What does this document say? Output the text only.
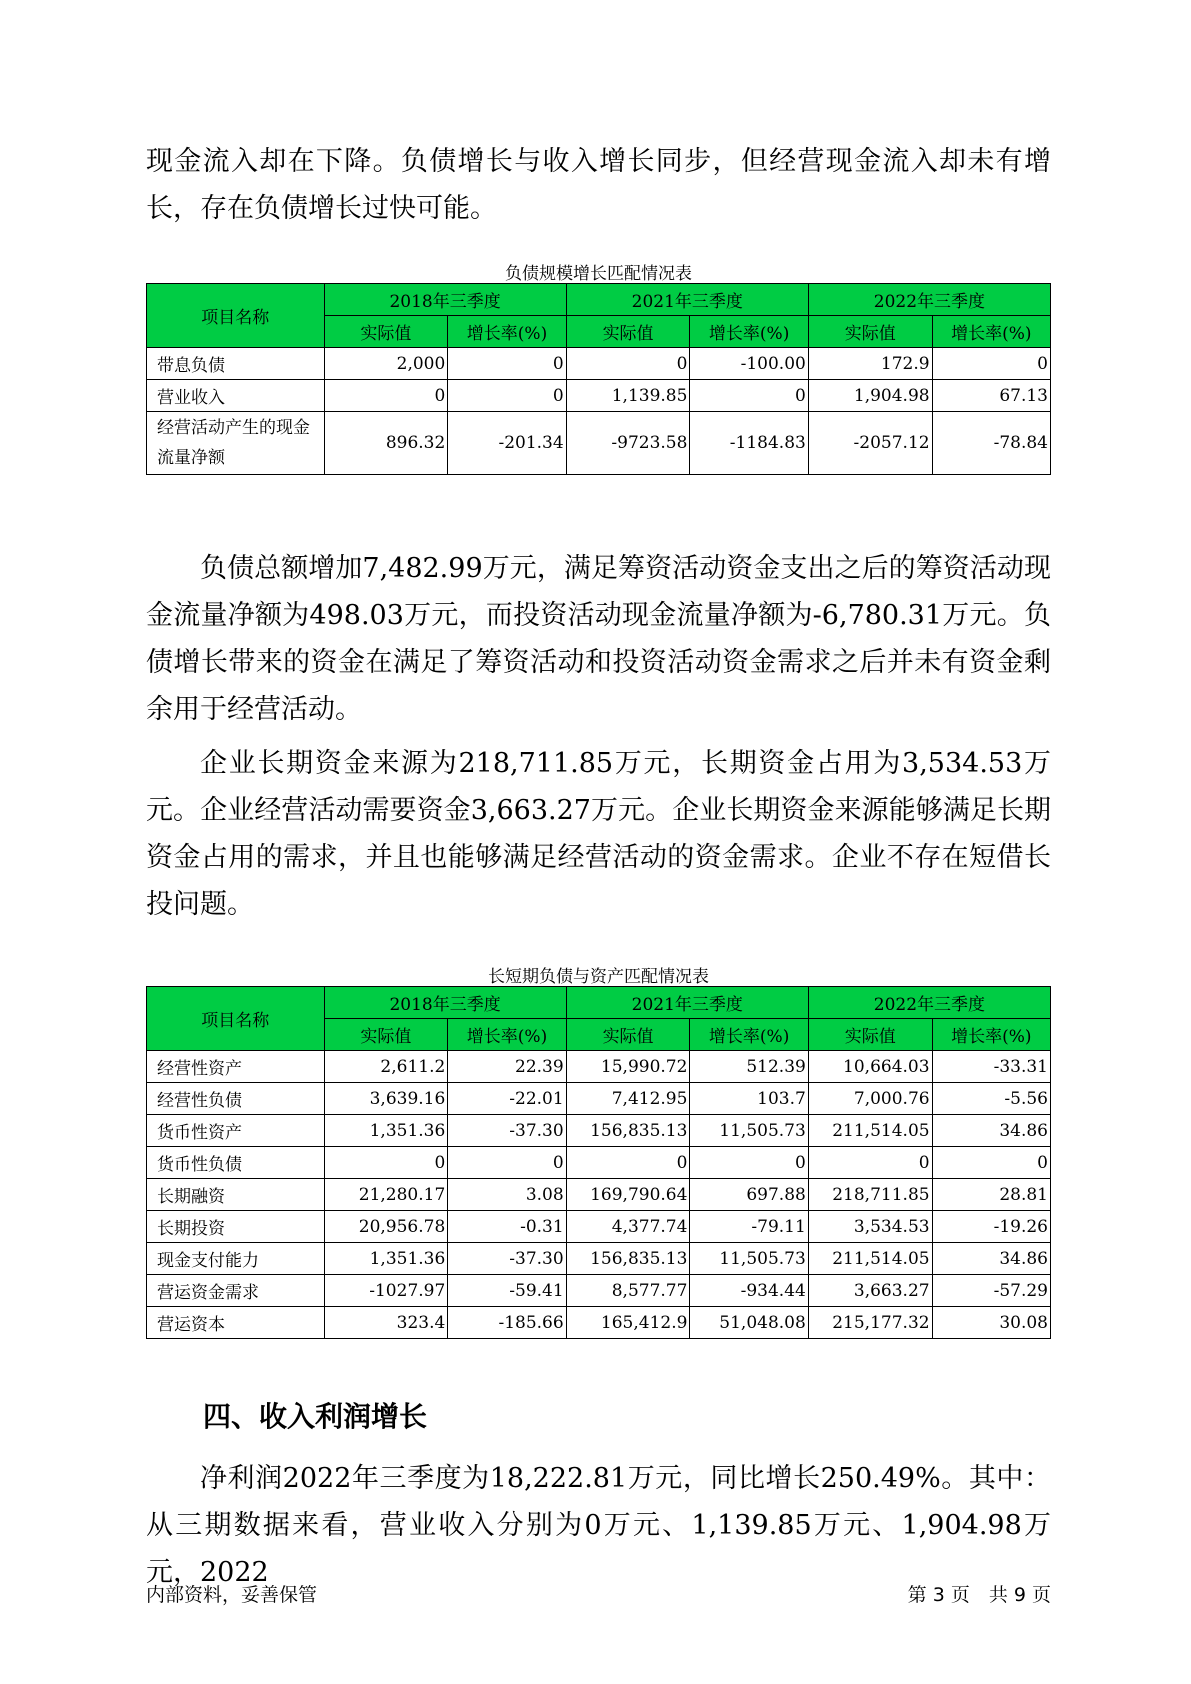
现金流入却在下降。负债增长与收入增长同步，但经营现金流入却未有增长，存在负债增长过快可能。

负债规模增长匹配情况表
项目名称	2018年三季度		2021年三季度		2022年三季度	
	实际值	增长率(%)	实际值	增长率(%)	实际值	增长率(%)
带息负债	2,000	0	0	-100.00	172.9	0
营业收入	0	0	1,139.85	0	1,904.98	67.13
经营活动产生的现金流量净额	896.32	-201.34	-9723.58	-1184.83	-2057.12	-78.84

负债总额增加7,482.99万元，满足筹资活动资金支出之后的筹资活动现金流量净额为498.03万元，而投资活动现金流量净额为-6,780.31万元。负债增长带来的资金在满足了筹资活动和投资活动资金需求之后并未有资金剩余用于经营活动。

企业长期资金来源为218,711.85万元，长期资金占用为3,534.53万元。企业经营活动需要资金3,663.27万元。企业长期资金来源能够满足长期资金占用的需求，并且也能够满足经营活动的资金需求。企业不存在短借长投问题。

长短期负债与资产匹配情况表
项目名称	2018年三季度		2021年三季度		2022年三季度	
	实际值	增长率(%)	实际值	增长率(%)	实际值	增长率(%)
经营性资产	2,611.2	22.39	15,990.72	512.39	10,664.03	-33.31
经营性负债	3,639.16	-22.01	7,412.95	103.7	7,000.76	-5.56
货币性资产	1,351.36	-37.30	156,835.13	11,505.73	211,514.05	34.86
货币性负债	0	0	0	0	0	0
长期融资	21,280.17	3.08	169,790.64	697.88	218,711.85	28.81
长期投资	20,956.78	-0.31	4,377.74	-79.11	3,534.53	-19.26
现金支付能力	1,351.36	-37.30	156,835.13	11,505.73	211,514.05	34.86
营运资金需求	-1027.97	-59.41	8,577.77	-934.44	3,663.27	-57.29
营运资本	323.4	-185.66	165,412.9	51,048.08	215,177.32	30.08
四、收入利润增长

净利润2022年三季度为18,222.81万元，同比增长250.49%。其中：从三期数据来看，营业收入分别为0万元、1,139.85万元、1,904.98万元，2022

内部资料，妥善保管	第 3 页　共 9 页
